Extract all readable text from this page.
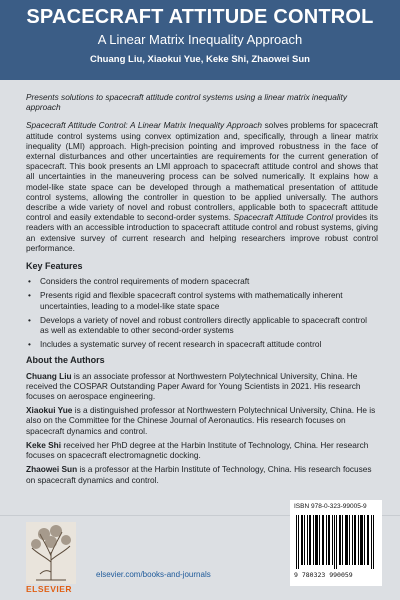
SPACECRAFT ATTITUDE CONTROL
A Linear Matrix Inequality Approach
Chuang Liu, Xiaokui Yue, Keke Shi, Zhaowei Sun

Presents solutions to spacecraft attitude control systems using a linear matrix inequality approach

Spacecraft Attitude Control: A Linear Matrix Inequality Approach solves problems for spacecraft attitude control systems using convex optimization and, specifically, through a linear matrix inequality (LMI) approach. High-precision pointing and improved robustness in the face of external disturbances and other uncertainties are requirements for the current generation of spacecraft. This book presents an LMI approach to spacecraft attitude control and shows that all uncertainties in the maneuvering process can be solved numerically. It explains how a model-like state space can be developed through a mathematical presentation of attitude control systems, allowing the controller in question to be applied universally. The authors describe a wide variety of novel and robust controllers, applicable both to spacecraft attitude control and easily extendable to second-order systems. Spacecraft Attitude Control provides its readers with an accessible introduction to spacecraft attitude control and robust systems, giving an extensive survey of current research and helping researchers improve robust control performance.

Key Features
• Considers the control requirements of modern spacecraft
• Presents rigid and flexible spacecraft control systems with mathematically inherent uncertainties, leading to a model-like state space
• Develops a variety of novel and robust controllers directly applicable to spacecraft control as well as extendable to other second-order systems
• Includes a systematic survey of recent research in spacecraft attitude control
About the Authors

Chuang Liu is an associate professor at Northwestern Polytechnical University, China. He received the COSPAR Outstanding Paper Award for Young Scientists in 2021. His research focuses on aerospace engineering.

Xiaokui Yue is a distinguished professor at Northwestern Polytechnical University, China. He is also on the Committee for the Chinese Journal of Aeronautics. His research focuses on spacecraft dynamics and control.

Keke Shi received her PhD degree at the Harbin Institute of Technology, China. Her research focuses on spacecraft electromagnetic docking.

Zhaowei Sun is a professor at the Harbin Institute of Technology, China. His research focuses on spacecraft dynamics and control.

ELSEVIER
elsevier.com/books-and-journals
ISBN 978-0-323-99005-9
9 780323 990059
